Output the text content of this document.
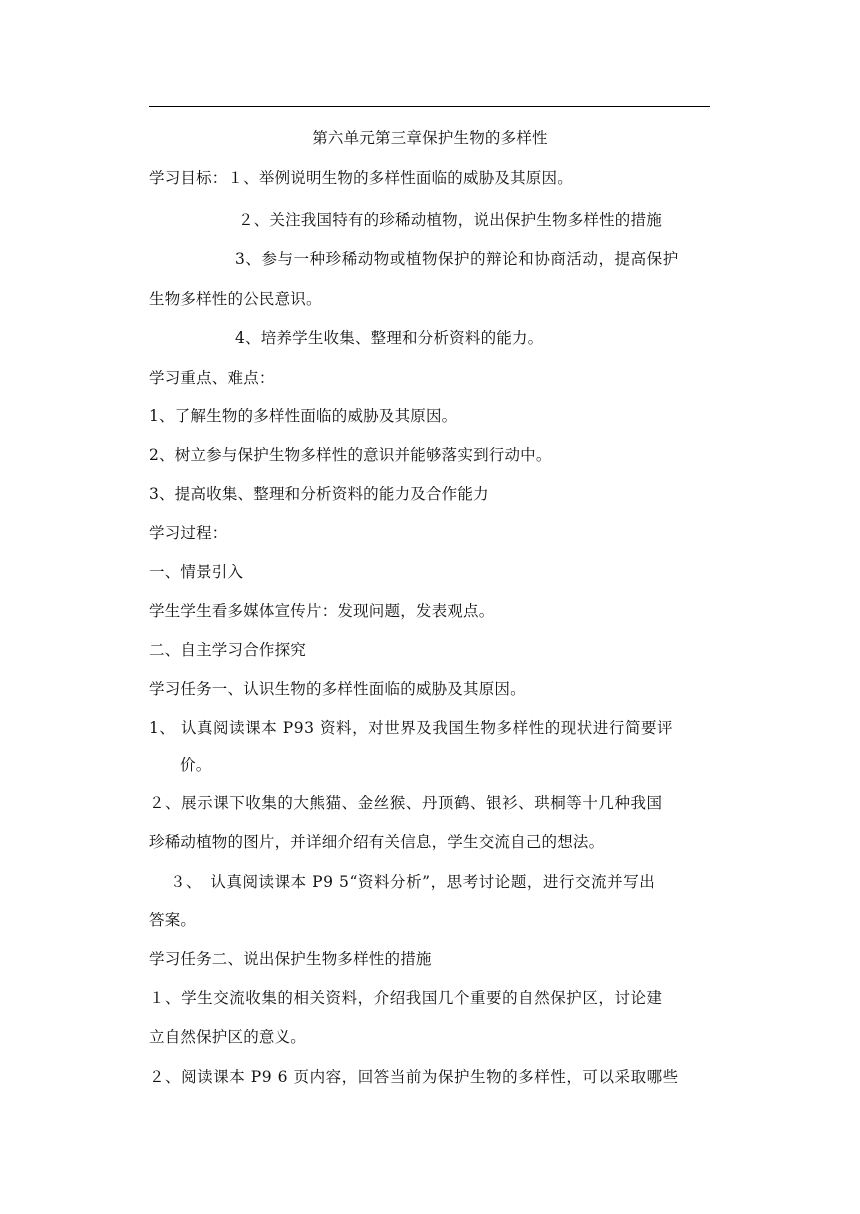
第六单元第三章保护生物的多样性
学习目标：１、举例说明生物的多样性面临的威胁及其原因。
２、关注我国特有的珍稀动植物，说出保护生物多样性的措施
3、参与一种珍稀动物或植物保护的辩论和协商活动，提高保护
生物多样性的公民意识。
4、培养学生收集、整理和分析资料的能力。
学习重点、难点：
1、了解生物的多样性面临的威胁及其原因。
2、树立参与保护生物多样性的意识并能够落实到行动中。
3、提高收集、整理和分析资料的能力及合作能力
学习过程：
一、情景引入
学生学生看多媒体宣传片：发现问题，发表观点。
二、自主学习合作探究
学习任务一、认识生物的多样性面临的威胁及其原因。
1、 认真阅读课本 P93 资料，对世界及我国生物多样性的现状进行简要评
价。
２、展示课下收集的大熊猫、金丝猴、丹顶鹤、银衫、珙桐等十几种我国
珍稀动植物的图片，并详细介绍有关信息，学生交流自己的想法。
３、　认真阅读课本 P9 5“资料分析”，思考讨论题，进行交流并写出
答案。
学习任务二、说出保护生物多样性的措施
１、学生交流收集的相关资料，介绍我国几个重要的自然保护区，讨论建
立自然保护区的意义。
２、阅读课本 P9 6 页内容，回答当前为保护生物的多样性，可以采取哪些
